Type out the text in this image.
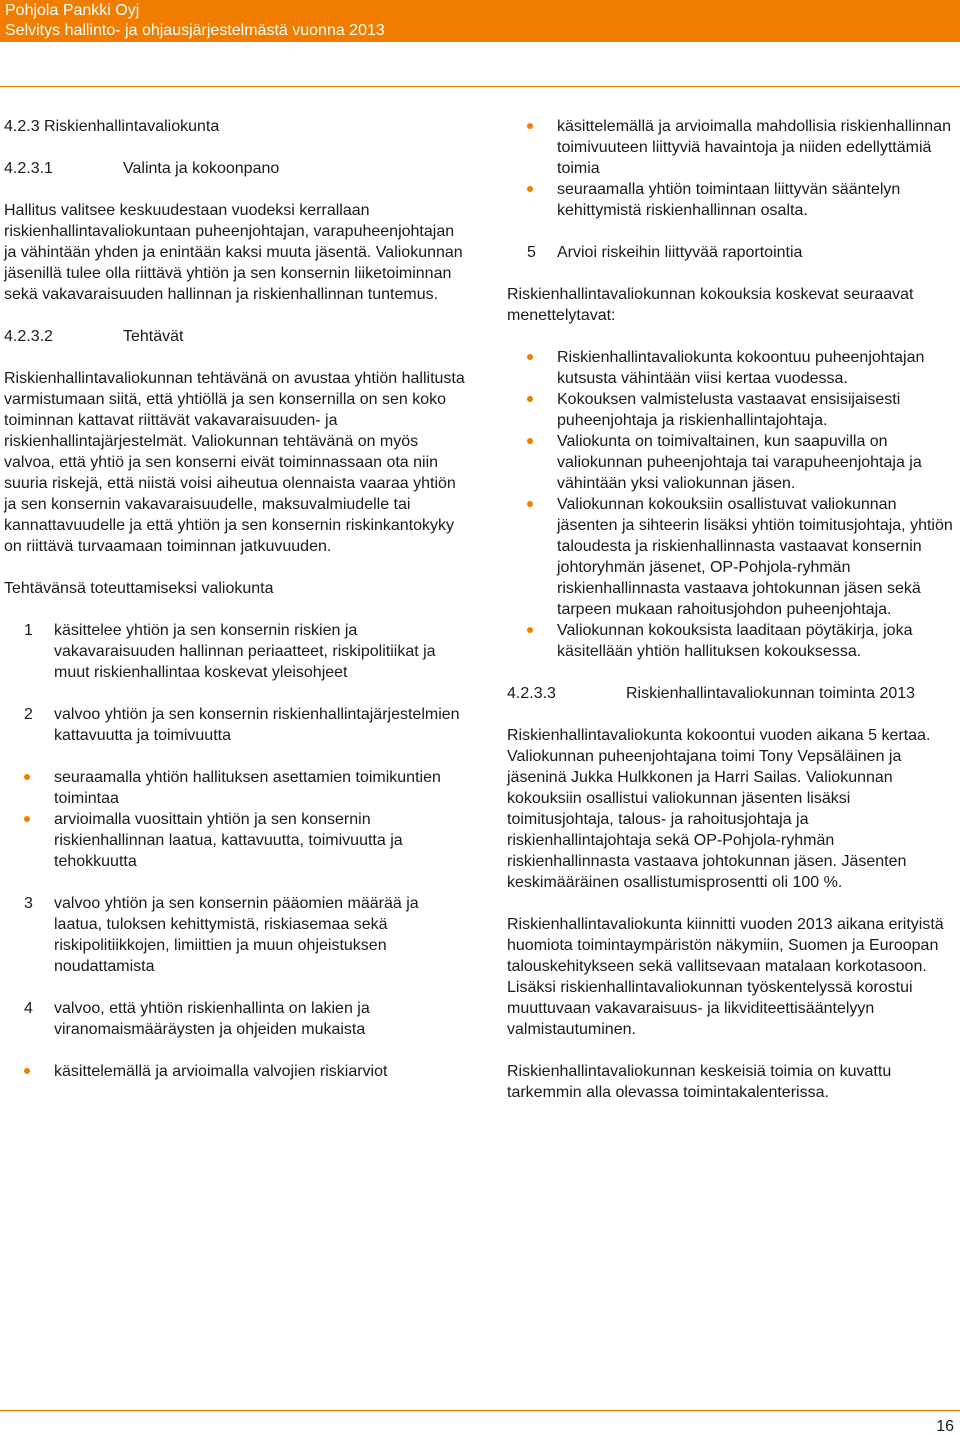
Pohjola Pankki Oyj
Selvitys hallinto- ja ohjausjärjestelmästä vuonna 2013

4.2.3 Riskienhallintavaliokunta

4.2.3.1	Valinta ja kokoonpano

Hallitus valitsee keskuudestaan vuodeksi kerrallaan riskienhallintavaliokuntaan puheenjohtajan, varapuheenjohtajan ja vähintään yhden ja enintään kaksi muuta jäsentä. Valiokunnan jäsenillä tulee olla riittävä yhtiön ja sen konsernin liiketoiminnan sekä vakavaraisuuden hallinnan ja riskienhallinnan tuntemus.

4.2.3.2	Tehtävät

Riskienhallintavaliokunnan tehtävänä on avustaa yhtiön hallitusta varmistumaan siitä, että yhtiöllä ja sen konsernilla on sen koko toiminnan kattavat riittävät vakavaraisuuden- ja riskienhallintajärjestelmät. Valiokunnan tehtävänä on myös valvoa, että yhtiö ja sen konserni eivät toiminnassaan ota niin suuria riskejä, että niistä voisi aiheutua olennaista vaaraa yhtiön ja sen konsernin vakavaraisuudelle, maksuvalmiudelle tai kannattavuudelle ja että yhtiön ja sen konsernin riskinkantokyky on riittävä turvaamaan toiminnan jatkuvuuden.

Tehtävänsä toteuttamiseksi valiokunta

1	käsittelee yhtiön ja sen konsernin riskien ja vakavaraisuuden hallinnan periaatteet, riskipolitiikat ja muut riskienhallintaa koskevat yleisohjeet
2	valvoo yhtiön ja sen konsernin riskienhallintajärjestelmien kattavuutta ja toimivuutta
seuraamalla yhtiön hallituksen asettamien toimikuntien toimintaa
arvioimalla vuosittain yhtiön ja sen konsernin riskienhallinnan laatua, kattavuutta, toimivuutta ja tehokkuutta
3	valvoo yhtiön ja sen konsernin pääomien määrää ja laatua, tuloksen kehittymistä, riskiasemaa sekä riskipolitiikkojen, limiittien ja muun ohjeistuksen noudattamista
4	valvoo, että yhtiön riskienhallinta on lakien ja viranomaismääräysten ja ohjeiden mukaista
käsittelemällä ja arvioimalla valvojien riskiarviot
käsittelemällä ja arvioimalla mahdollisia riskienhallinnan toimivuuteen liittyviä havaintoja ja niiden edellyttämiä toimia
seuraamalla yhtiön toimintaan liittyvän sääntelyn kehittymistä riskienhallinnan osalta.
5	Arvioi riskeihin liittyvää raportointia

Riskienhallintavaliokunnan kokouksia koskevat seuraavat menettelytavat:

Riskienhallintavaliokunta kokoontuu puheenjohtajan kutsusta vähintään viisi kertaa vuodessa.
Kokouksen valmistelusta vastaavat ensisijaisesti puheenjohtaja ja riskienhallintajohtaja.
Valiokunta on toimivaltainen, kun saapuvilla on valiokunnan puheenjohtaja tai varapuheenjohtaja ja vähintään yksi valiokunnan jäsen.
Valiokunnan kokouksiin osallistuvat valiokunnan jäsenten ja sihteerin lisäksi yhtiön toimitusjohtaja, yhtiön taloudesta ja riskienhallinnasta vastaavat konsernin johtoryhmän jäsenet, OP-Pohjola-ryhmän riskienhallinnasta vastaava johtokunnan jäsen sekä tarpeen mukaan rahoitusjohdon puheenjohtaja.
Valiokunnan kokouksista laaditaan pöytäkirja, joka käsitellään yhtiön hallituksen kokouksessa.
4.2.3.3	Riskienhallintavaliokunnan toiminta 2013

Riskienhallintavaliokunta kokoontui vuoden aikana 5 kertaa. Valiokunnan puheenjohtajana toimi Tony Vepsäläinen ja jäseninä Jukka Hulkkonen ja Harri Sailas. Valiokunnan kokouksiin osallistui valiokunnan jäsenten lisäksi toimitusjohtaja, talous- ja rahoitusjohtaja ja riskienhallintajohtaja sekä OP-Pohjola-ryhmän riskienhallinnasta vastaava johtokunnan jäsen. Jäsenten keskimääräinen osallistumisprosentti oli 100 %.

Riskienhallintavaliokunta kiinnitti vuoden 2013 aikana erityistä huomiota toimintaympäristön näkymiin, Suomen ja Euroopan talouskehitykseen sekä vallitsevaan matalaan korkotasoon. Lisäksi riskienhallintavaliokunnan työskentelyssä korostui muuttuvaan vakavaraisuus- ja likviditeettisääntelyyn valmistautuminen.

Riskienhallintavaliokunnan keskeisiä toimia on kuvattu tarkemmin alla olevassa toimintakalenterissa.

16
